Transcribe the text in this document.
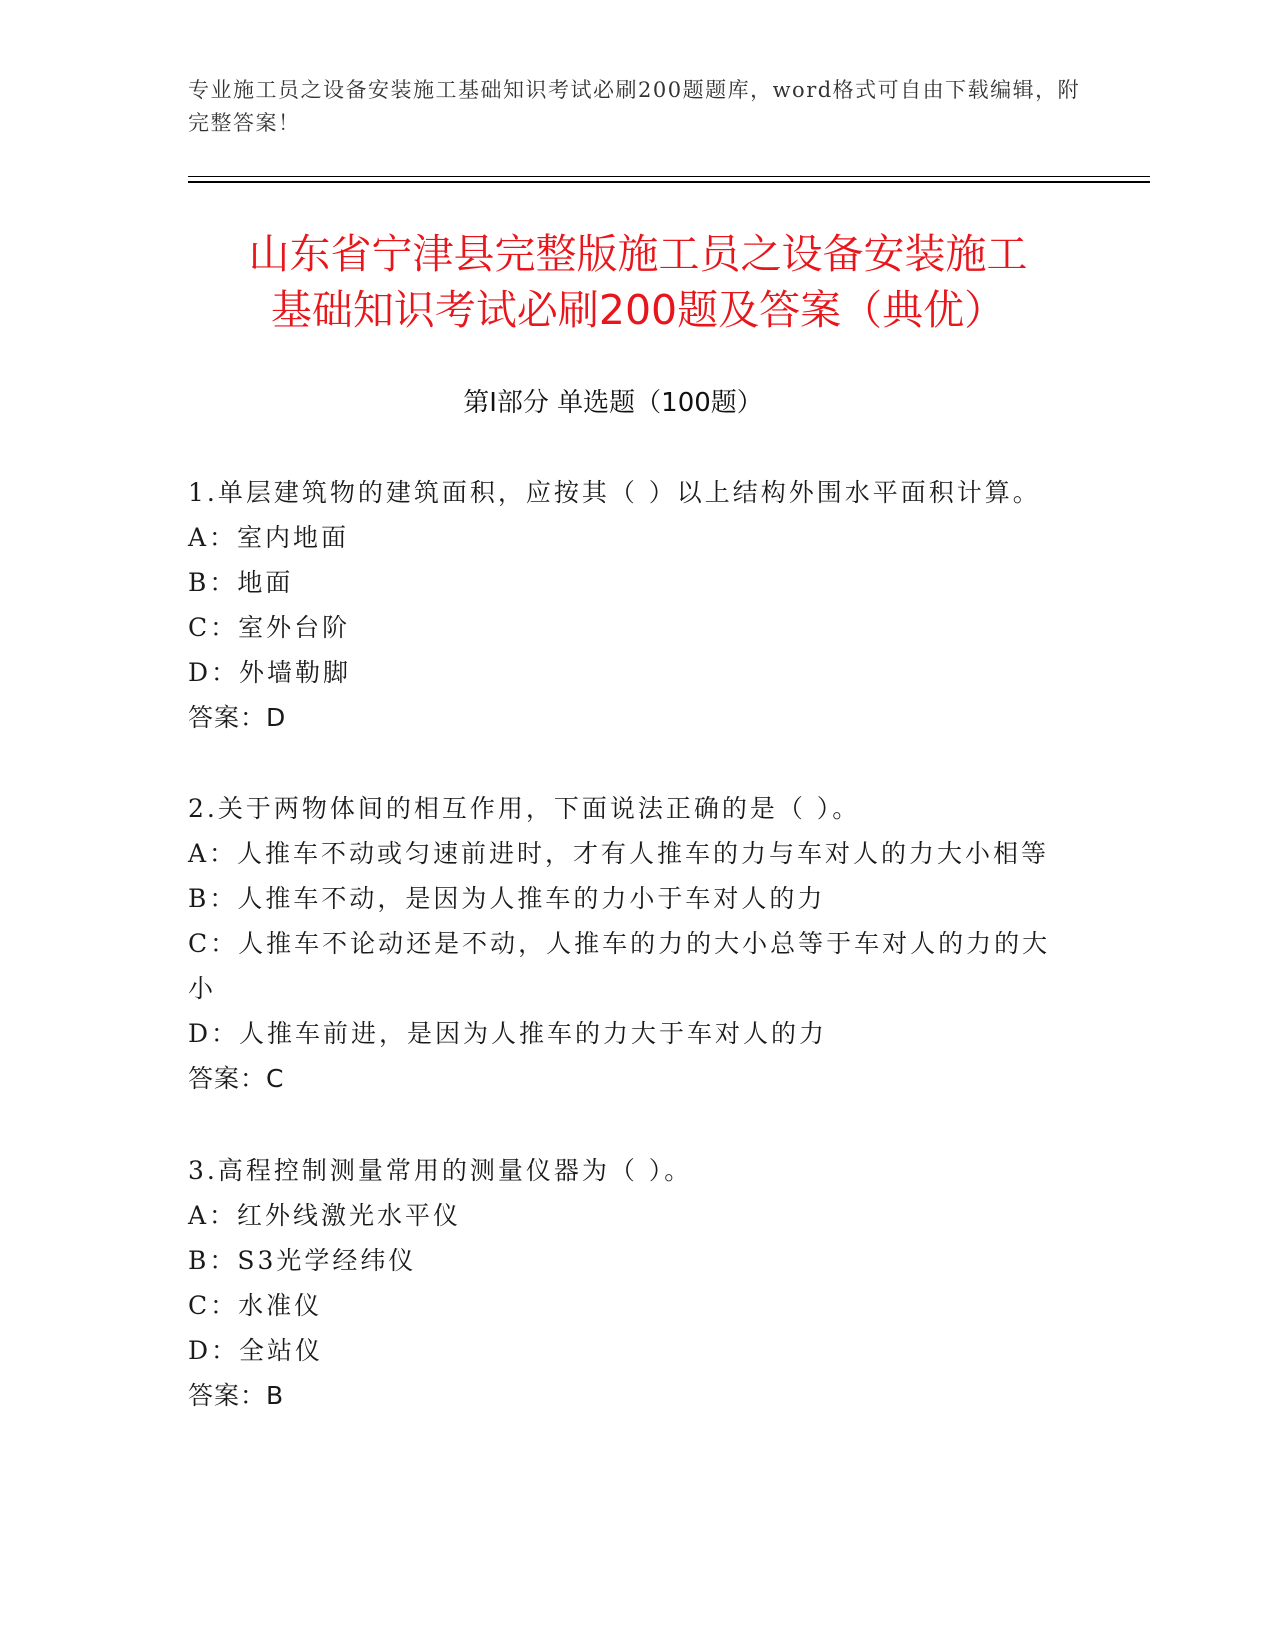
专业施工员之设备安装施工基础知识考试必刷200题题库，word格式可自由下载编辑，附完整答案！
山东省宁津县完整版施工员之设备安装施工
基础知识考试必刷200题及答案（典优）
第Ⅰ部分 单选题（100题）
1.单层建筑物的建筑面积，应按其（ ）以上结构外围水平面积计算。
A：室内地面
B：地面
C：室外台阶
D：外墙勒脚
答案：D
2.关于两物体间的相互作用，下面说法正确的是（ ）。
A：人推车不动或匀速前进时，才有人推车的力与车对人的力大小相等
B：人推车不动，是因为人推车的力小于车对人的力
C：人推车不论动还是不动，人推车的力的大小总等于车对人的力的大小
D：人推车前进，是因为人推车的力大于车对人的力
答案：C
3.高程控制测量常用的测量仪器为（ ）。
A：红外线激光水平仪
B：S3光学经纬仪
C：水准仪
D：全站仪
答案：B
